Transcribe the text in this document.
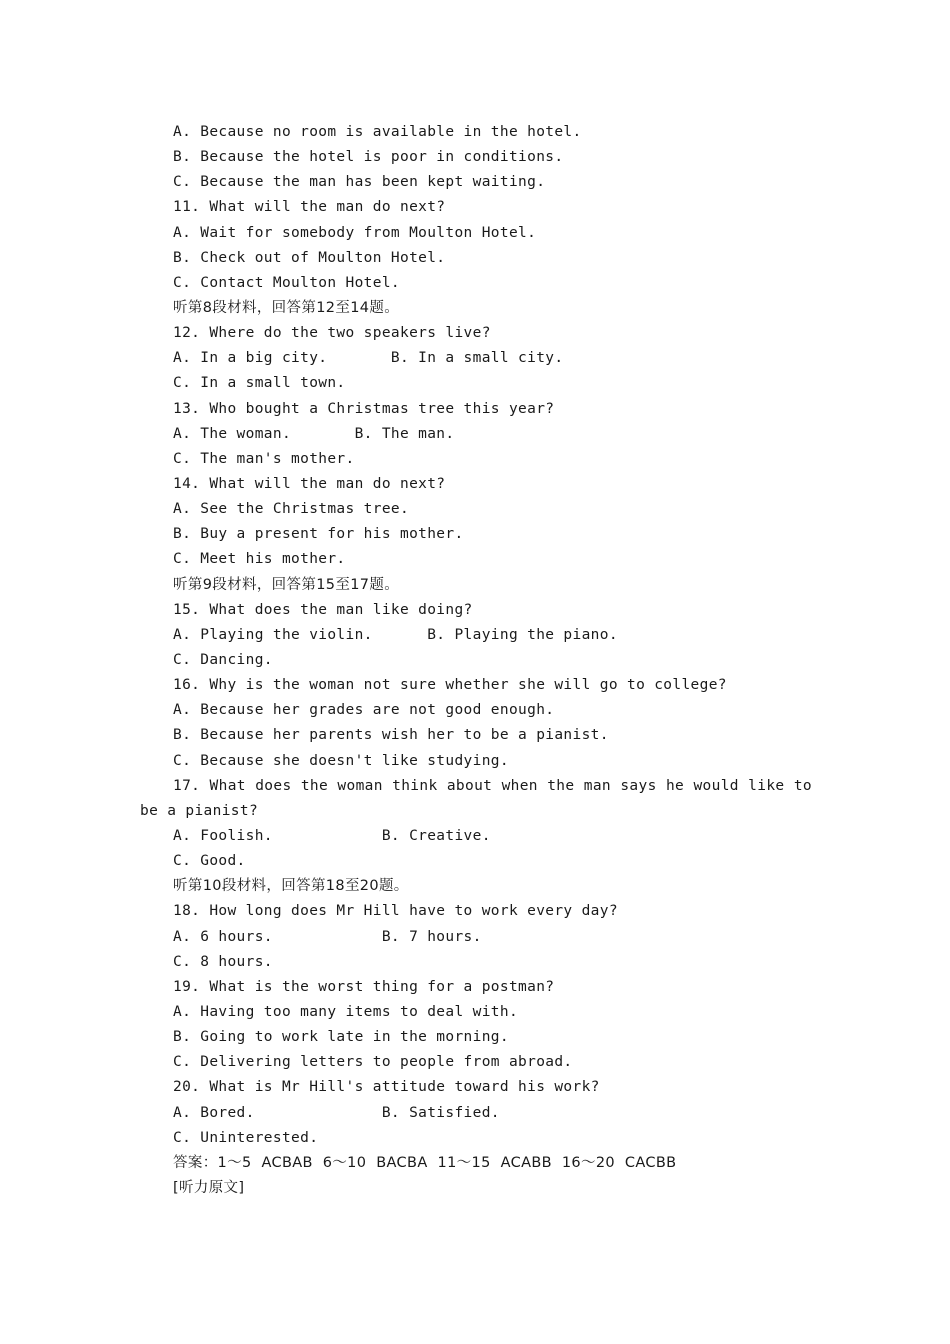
A. Because no room is available in the hotel.
B. Because the hotel is poor in conditions.
C. Because the man has been kept waiting.
11. What will the man do next?
A. Wait for somebody from Moulton Hotel.
B. Check out of Moulton Hotel.
C. Contact Moulton Hotel.
听第8段材料，回答第12至14题。
12. Where do the two speakers live?
A. In a big city.       B. In a small city.
C. In a small town.
13. Who bought a Christmas tree this year?
A. The woman.       B. The man.
C. The man's mother.
14. What will the man do next?
A. See the Christmas tree.
B. Buy a present for his mother.
C. Meet his mother.
听第9段材料，回答第15至17题。
15. What does the man like doing?
A. Playing the violin.      B. Playing the piano.
C. Dancing.
16. Why is the woman not sure whether she will go to college?
A. Because her grades are not good enough.
B. Because her parents wish her to be a pianist.
C. Because she doesn't like studying.
17. What does the woman think about when the man says he would like to be a pianist?
A. Foolish.            B. Creative.
C. Good.
听第10段材料，回答第18至20题。
18. How long does Mr Hill have to work every day?
A. 6 hours.            B. 7 hours.
C. 8 hours.
19. What is the worst thing for a postman?
A. Having too many items to deal with.
B. Going to work late in the morning.
C. Delivering letters to people from abroad.
20. What is Mr Hill's attitude toward his work?
A. Bored.              B. Satisfied.
C. Uninterested.
答案：1～5  ACBAB  6～10  BACBA  11～15  ACABB  16～20  CACBB
[听力原文]
